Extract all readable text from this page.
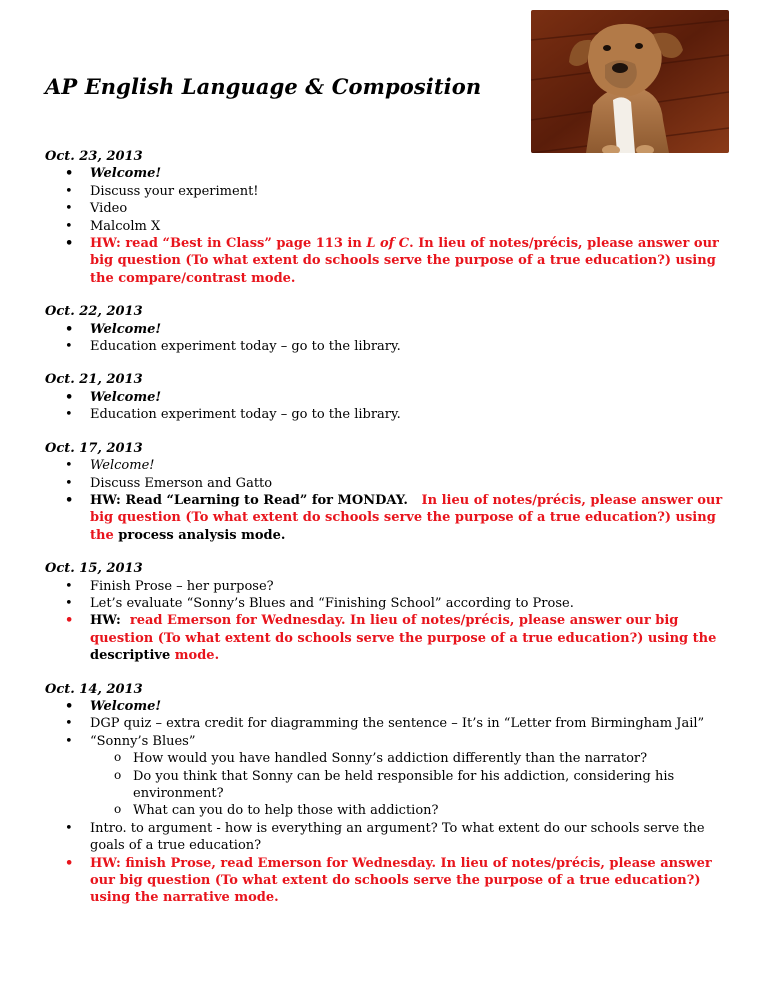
AP English Language & Composition

Oct. 23, 2013

• Welcome!
• Discuss your experiment!
• Video
• Malcolm X
• HW: read “Best in Class” page 113 in L of C. In lieu of notes/précis, please answer our big question (To what extent do schools serve the purpose of a true education?) using the compare/contrast mode.

Oct. 22, 2013

• Welcome!
• Education experiment today – go to the library.

Oct. 21, 2013

• Welcome!
• Education experiment today – go to the library.

Oct. 17, 2013

• Welcome!
• Discuss Emerson and Gatto
• HW: Read “Learning to Read” for MONDAY. In lieu of notes/précis, please answer our big question (To what extent do schools serve the purpose of a true education?) using the process analysis mode.

Oct. 15, 2013

• Finish Prose – her purpose?
• Let’s evaluate “Sonny’s Blues and “Finishing School” according to Prose.
• HW: read Emerson for Wednesday. In lieu of notes/précis, please answer our big question (To what extent do schools serve the purpose of a true education?) using the descriptive mode.

Oct. 14, 2013

• Welcome!
• DGP quiz – extra credit for diagramming the sentence – It’s in “Letter from Birmingham Jail”
• “Sonny’s Blues”
o How would you have handled Sonny’s addiction differently than the narrator?
o Do you think that Sonny can be held responsible for his addiction, considering his environment?
o What can you do to help those with addiction?
• Intro. to argument - how is everything an argument? To what extent do our schools serve the goals of a true education?
• HW: finish Prose, read Emerson for Wednesday. In lieu of notes/précis, please answer our big question (To what extent do schools serve the purpose of a true education?) using the narrative mode.
